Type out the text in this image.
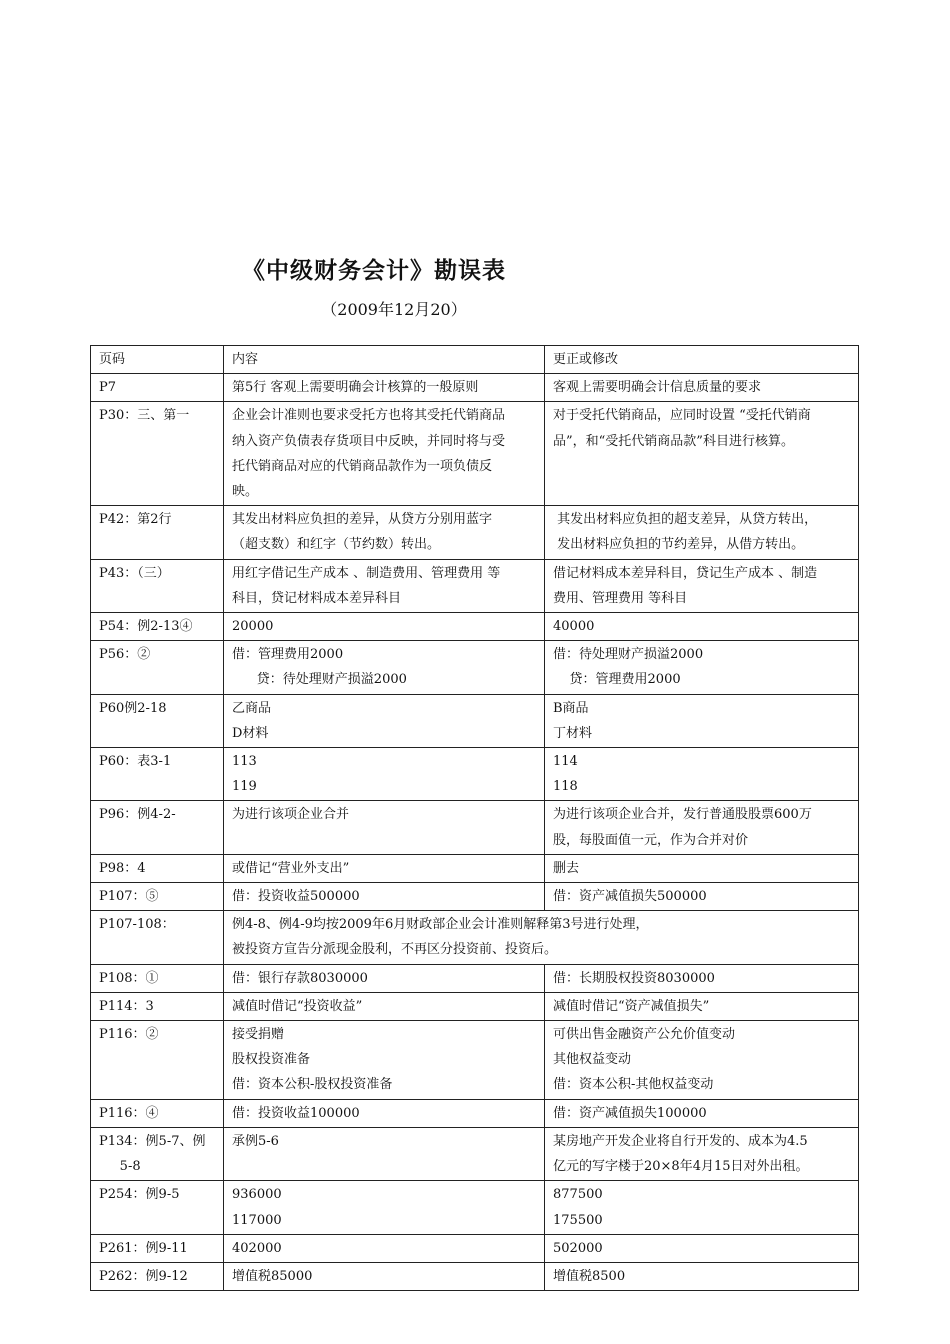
《中级财务会计》勘误表
（2009年12月20）
页码	内容	更正或修改

P7	第5行 客观上需要明确会计核算的一般原则	客观上需要明确会计信息质量的要求

P30：三、第一	企业会计准则也要求受托方也将其受托代销商品
纳入资产负债表存货项目中反映，并同时将与受
托代销商品对应的代销商品款作为一项负债反
映。	对于受托代销商品，应同时设置 “受托代销商
品”，和“受托代销商品款”科目进行核算。

P42：第2行	其发出材料应负担的差异，从贷方分别用蓝字
（超支数）和红字（节约数）转出。	其发出材料应负担的超支差异，从贷方转出，
发出材料应负担的节约差异，从借方转出。

P43：（三）	用红字借记生产成本 、制造费用、管理费用 等
科目，贷记材料成本差异科目	借记材料成本差异科目，贷记生产成本 、制造
费用、管理费用 等科目

P54：例2-13④	20000	40000

P56：②	借：管理费用2000
贷：待处理财产损溢2000	借：待处理财产损溢2000
贷：管理费用2000

P60例2-18	乙商品
D材料	B商品
丁材料

P60：表3-1	113
119	114
118

P96：例4-2-	为进行该项企业合并	为进行该项企业合并，发行普通股股票600万
股，每股面值一元，作为合并对价

P98：4	或借记“营业外支出”	删去

P107：⑤	借：投资收益500000	借：资产减值损失500000

P107-108：	例4-8、例4-9均按2009年6月财政部企业会计准则解释第3号进行处理，
被投资方宣告分派现金股利，不再区分投资前、投资后。	

P108：①	借：银行存款8030000	借：长期股权投资8030000

P114：3	减值时借记“投资收益”	减值时借记“资产减值损失”

P116：②	接受捐赠
股权投资准备
借：资本公积-股权投资准备	可供出售金融资产公允价值变动
其他权益变动
借：资本公积-其他权益变动

P116：④	借：投资收益100000	借：资产减值损失100000

P134：例5-7、例
5-8	承例5-6	某房地产开发企业将自行开发的、成本为4.5
亿元的写字楼于20×8年4月15日对外出租。

P254：例9-5	936000
117000	877500
175500

P261：例9-11	402000	502000

P262：例9-12	增值税85000	增值税8500
